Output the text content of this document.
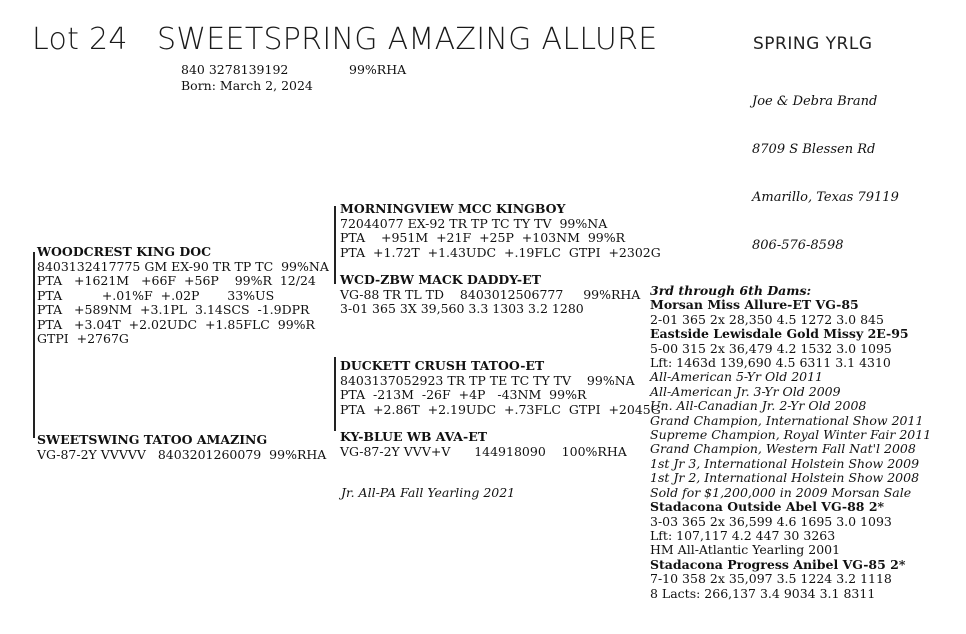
Lot 24 SWEETSPRING AMAZING ALLURE	SPRING YRLG
840 3278139192	99%RHA
Born: March 2, 2024

Joe & Debra Brand

8709 S Blessen Rd

Amarillo, Texas 79119

806-576-8598

WOODCREST KING DOC
8403132417775 GM EX-90 TR TP TC  99%NA
PTA   +1621M   +66F  +56P    99%R  12/24
PTA          +.01%F  +.02P       33%US
PTA   +589NM  +3.1PL  3.14SCS  -1.9DPR
PTA   +3.04T  +2.02UDC  +1.85FLC  99%R
GTPI  +2767G
SWEETSWING TATOO AMAZING
VG-87-2Y VVVVV   8403201260079  99%RHA
MORNINGVIEW MCC KINGBOY
72044077 EX-92 TR TP TC TY TV  99%NA
PTA    +951M  +21F  +25P  +103NM  99%R
PTA  +1.72T  +1.43UDC  +.19FLC  GTPI  +2302G
WCD-ZBW MACK DADDY-ET
VG-88 TR TL TD    8403012506777     99%RHA
3-01 365 3X 39,560 3.3 1303 3.2 1280
DUCKETT CRUSH TATOO-ET
8403137052923 TR TP TE TC TY TV    99%NA
PTA  -213M  -26F  +4P   -43NM  99%R
PTA  +2.86T  +2.19UDC  +.73FLC  GTPI  +2045G
KY-BLUE WB AVA-ET
VG-87-2Y VVV+V      144918090    100%RHA
Jr. All-PA Fall Yearling 2021
3rd through 6th Dams:
Morsan Miss Allure-ET VG-85
2-01 365 2x 28,350 4.5 1272 3.0 845
Eastside Lewisdale Gold Missy 2E-95
5-00 315 2x 36,479 4.2 1532 3.0 1095
Lft: 1463d 139,690 4.5 6311 3.1 4310
All-American 5-Yr Old 2011
All-American Jr. 3-Yr Old 2009
Un. All-Canadian Jr. 2-Yr Old 2008
Grand Champion, International Show 2011
Supreme Champion, Royal Winter Fair 2011
Grand Champion, Western Fall Nat'l 2008
1st Jr 3, International Holstein Show 2009
1st Jr 2, International Holstein Show 2008
Sold for $1,200,000 in 2009 Morsan Sale
Stadacona Outside Abel VG-88 2*
3-03 365 2x 36,599 4.6 1695 3.0 1093
Lft: 107,117 4.2 447 30 3263
HM All-Atlantic Yearling 2001
Stadacona Progress Anibel VG-85 2*
7-10 358 2x 35,097 3.5 1224 3.2 1118
8 Lacts: 266,137 3.4 9034 3.1 8311
